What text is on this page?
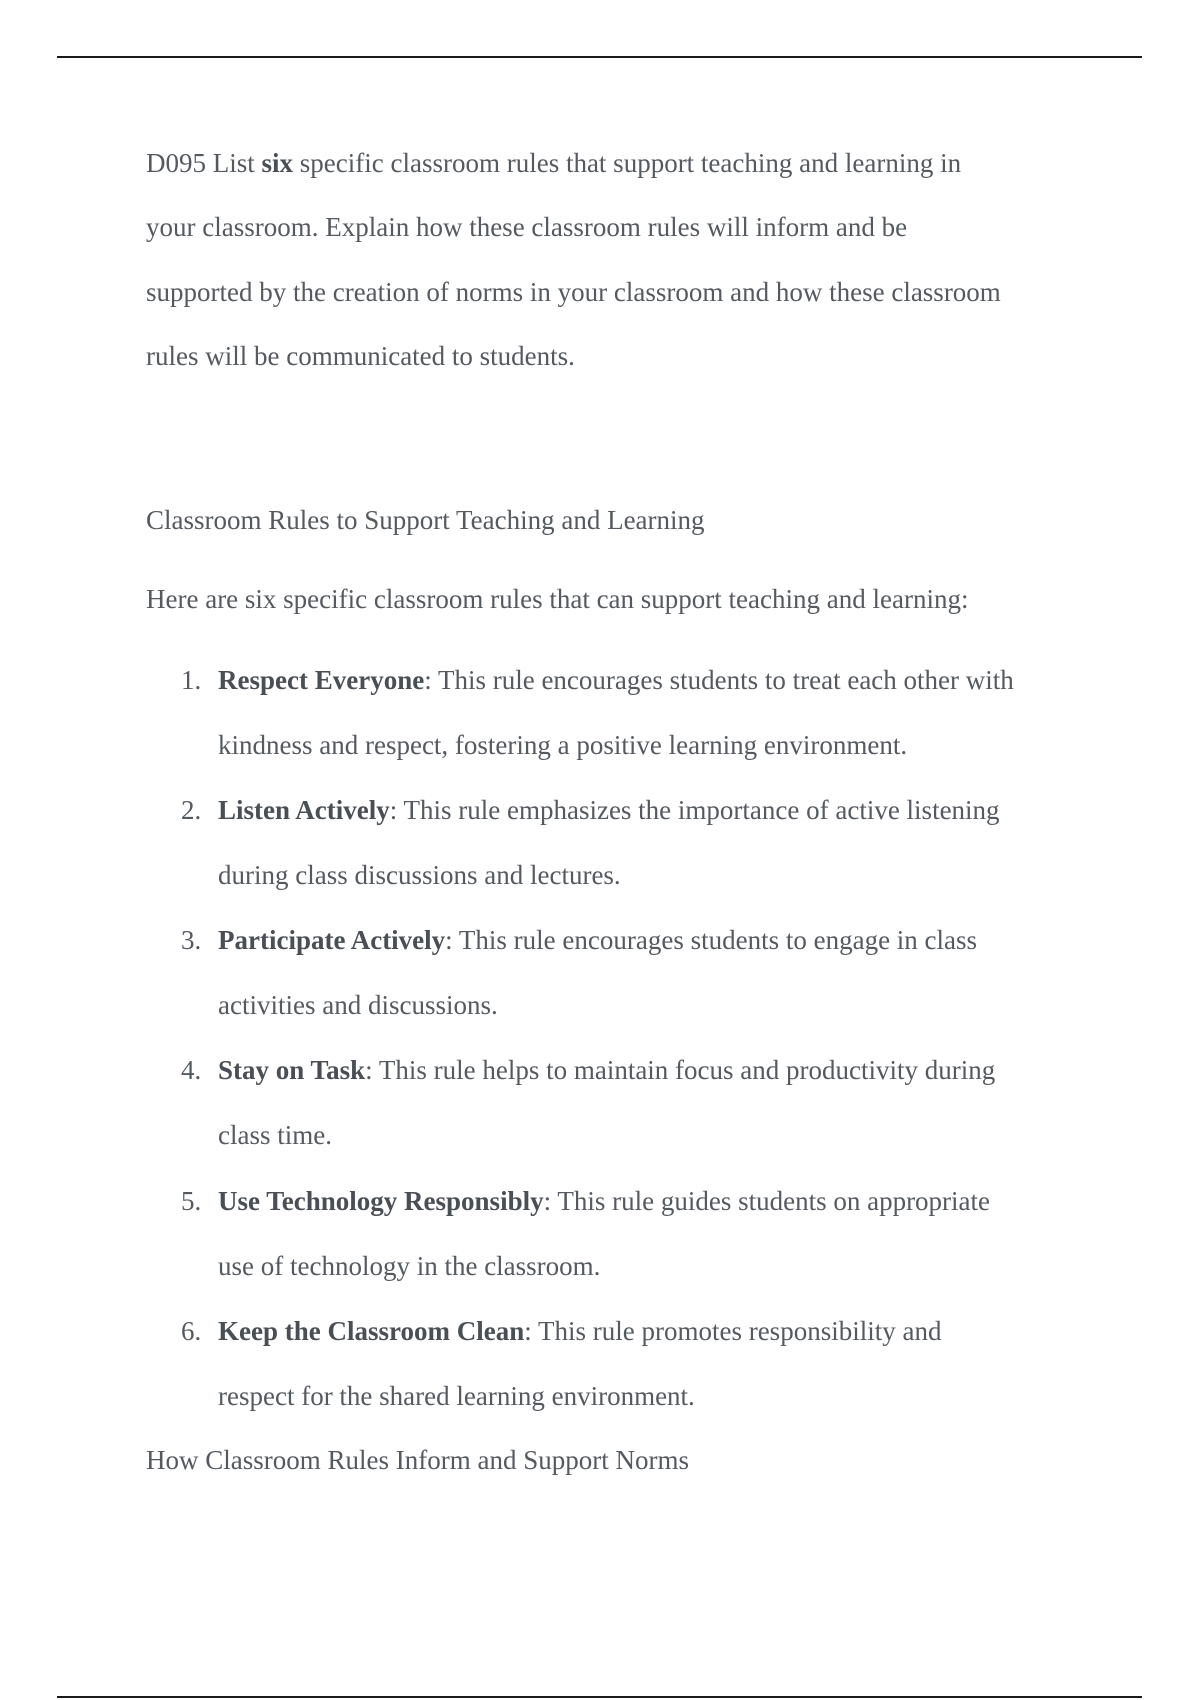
D095 List six specific classroom rules that support teaching and learning in
your classroom. Explain how these classroom rules will inform and be
supported by the creation of norms in your classroom and how these classroom
rules will be communicated to students.
Classroom Rules to Support Teaching and Learning
Here are six specific classroom rules that can support teaching and learning:
1. Respect Everyone: This rule encourages students to treat each other with
kindness and respect, fostering a positive learning environment.
2. Listen Actively: This rule emphasizes the importance of active listening
during class discussions and lectures.
3. Participate Actively: This rule encourages students to engage in class
activities and discussions.
4. Stay on Task: This rule helps to maintain focus and productivity during
class time.
5. Use Technology Responsibly: This rule guides students on appropriate
use of technology in the classroom.
6. Keep the Classroom Clean: This rule promotes responsibility and
respect for the shared learning environment.
How Classroom Rules Inform and Support Norms
